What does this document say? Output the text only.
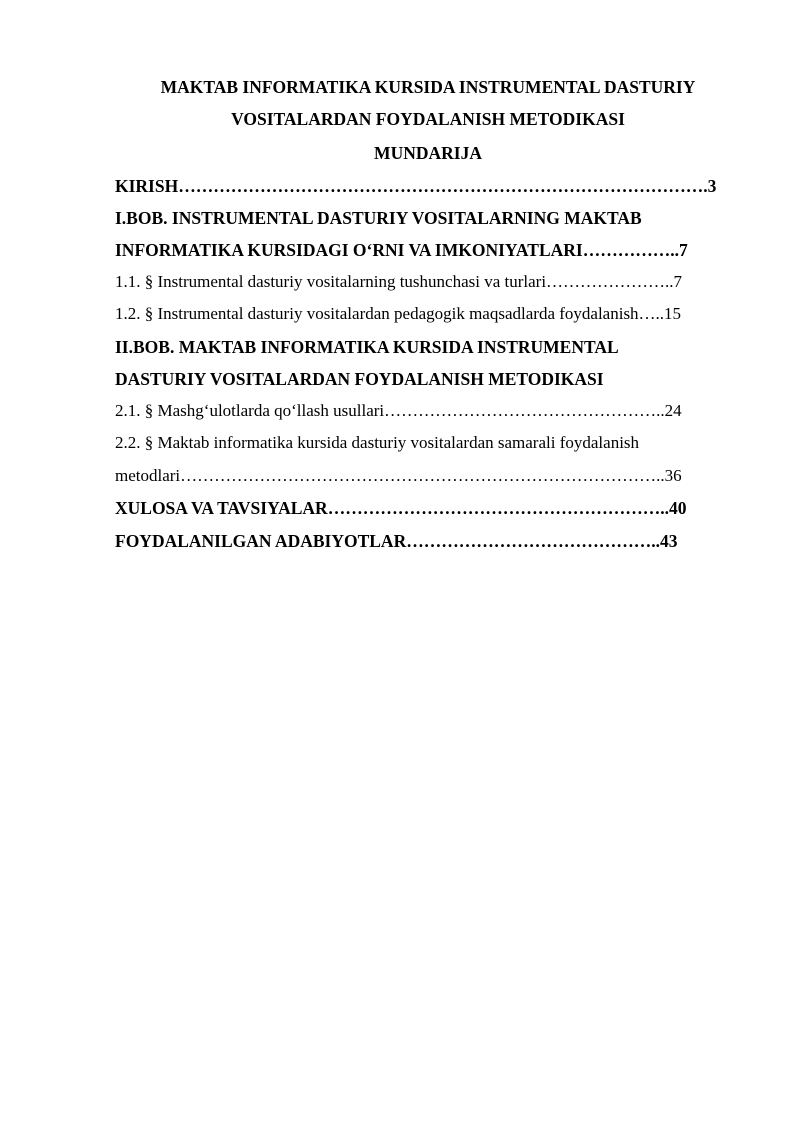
MAKTAB INFORMATIKA KURSIDA INSTRUMENTAL DASTURIY
VOSITALARDAN FOYDALANISH METODIKASI
MUNDARIJA
KIRISH……………………………………………………………………………….3
I.BOB. INSTRUMENTAL DASTURIY VOSITALARNING MAKTAB
INFORMATIKA KURSIDAGI O‘RNI VA IMKONIYATLARI……………..7
1.1. § Instrumental dasturiy vositalarning tushunchasi va turlari…………………..7
1.2. § Instrumental dasturiy vositalardan pedagogik maqsadlarda foydalanish…..15
II.BOB. MAKTAB INFORMATIKA KURSIDA INSTRUMENTAL
DASTURIY VOSITALARDAN FOYDALANISH METODIKASI
2.1. § Mashg‘ulotlarda qo‘llash usullari…………………………………………..24
2.2. § Maktab informatika kursida dasturiy vositalardan samarali foydalanish
metodlari…………………………………………………………………………..36
XULOSA VA TAVSIYALAR…………………………………………………..40
FOYDALANILGAN ADABIYOTLAR……………………………………..43
